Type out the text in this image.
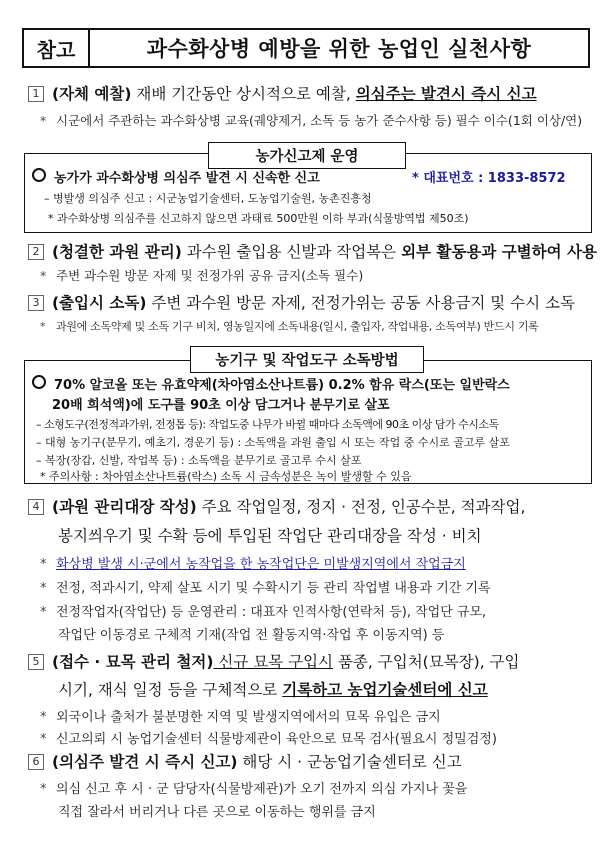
참고	과수화상병 예방을 위한 농업인 실천사항
1 (자체 예찰) 재배 기간동안 상시적으로 예찰, 의심주는 발견시 즉시 신고
* 시군에서 주관하는 과수화상병 교육(궤양제거, 소독 등 농가 준수사항 등) 필수 이수(1회 이상/연)
농가신고제 운영
농가가 과수화상병 의심주 발견 시 신속한 신고	* 대표번호 : 1833-8572
– 병발생 의심주 신고 : 시군농업기술센터, 도농업기술원, 농촌진흥청
* 과수화상병 의심주를 신고하지 않으면 과태료 500만원 이하 부과(식물방역법 제50조)
2 (청결한 과원 관리) 과수원 출입용 신발과 작업복은 외부 활동용과 구별하여 사용
* 주변 과수원 방문 자제 및 전정가위 공유 금지(소독 필수)
3 (출입시 소독) 주변 과수원 방문 자제, 전정가위는 공동 사용금지 및 수시 소독
* 과원에 소독약제 및 소독 기구 비치, 영농일지에 소독내용(일시, 출입자, 작업내용, 소독여부) 반드시 기록
농기구 및 작업도구 소독방법
70% 알코올 또는 유효약제(차아염소산나트륨) 0.2% 함유 락스(또는 일반락스
20배 희석액)에 도구를 90초 이상 담그거나 분무기로 살포
– 소형도구(전정적과가위, 전정톱 등): 작업도중 나무가 바뀔 때마다 소독액에 90초 이상 담가 수시소독
– 대형 농기구(분무기, 예초기, 경운기 등) : 소독액을 과원 출입 시 또는 작업 중 수시로 골고루 살포
– 복장(장갑, 신발, 작업복 등) : 소독액을 분무기로 골고루 수시 살포
* 주의사항 : 차아염소산나트륨(락스) 소독 시 금속성분은 녹이 발생할 수 있음
4 (과원 관리대장 작성) 주요 작업일정, 정지 · 전정, 인공수분, 적과작업,
봉지씌우기 및 수확 등에 투입된 작업단 관리대장을 작성 · 비치
* 화상병 발생 시·군에서 농작업을 한 농작업단은 미발생지역에서 작업금지
* 전정, 적과시기, 약제 살포 시기 및 수확시기 등 관리 작업별 내용과 기간 기록
* 전정작업자(작업단) 등 운영관리 : 대표자 인적사항(연락처 등), 작업단 규모,
작업단 이동경로 구체적 기재(작업 전 활동지역·작업 후 이동지역) 등
5 (접수 · 묘목 관리 철저) 신규 묘목 구입시 품종, 구입처(묘목장), 구입
시기, 재식 일정 등을 구체적으로 기록하고 농업기술센터에 신고
* 외국이나 출처가 불분명한 지역 및 발생지역에서의 묘목 유입은 금지
* 신고의뢰 시 농업기술센터 식물방제관이 육안으로 묘목 검사(필요시 정밀검정)
6 (의심주 발견 시 즉시 신고) 해당 시 · 군농업기술센터로 신고
* 의심 신고 후 시 · 군 담당자(식물방제관)가 오기 전까지 의심 가지나 꽃을
직접 잘라서 버리거나 다른 곳으로 이동하는 행위를 금지
